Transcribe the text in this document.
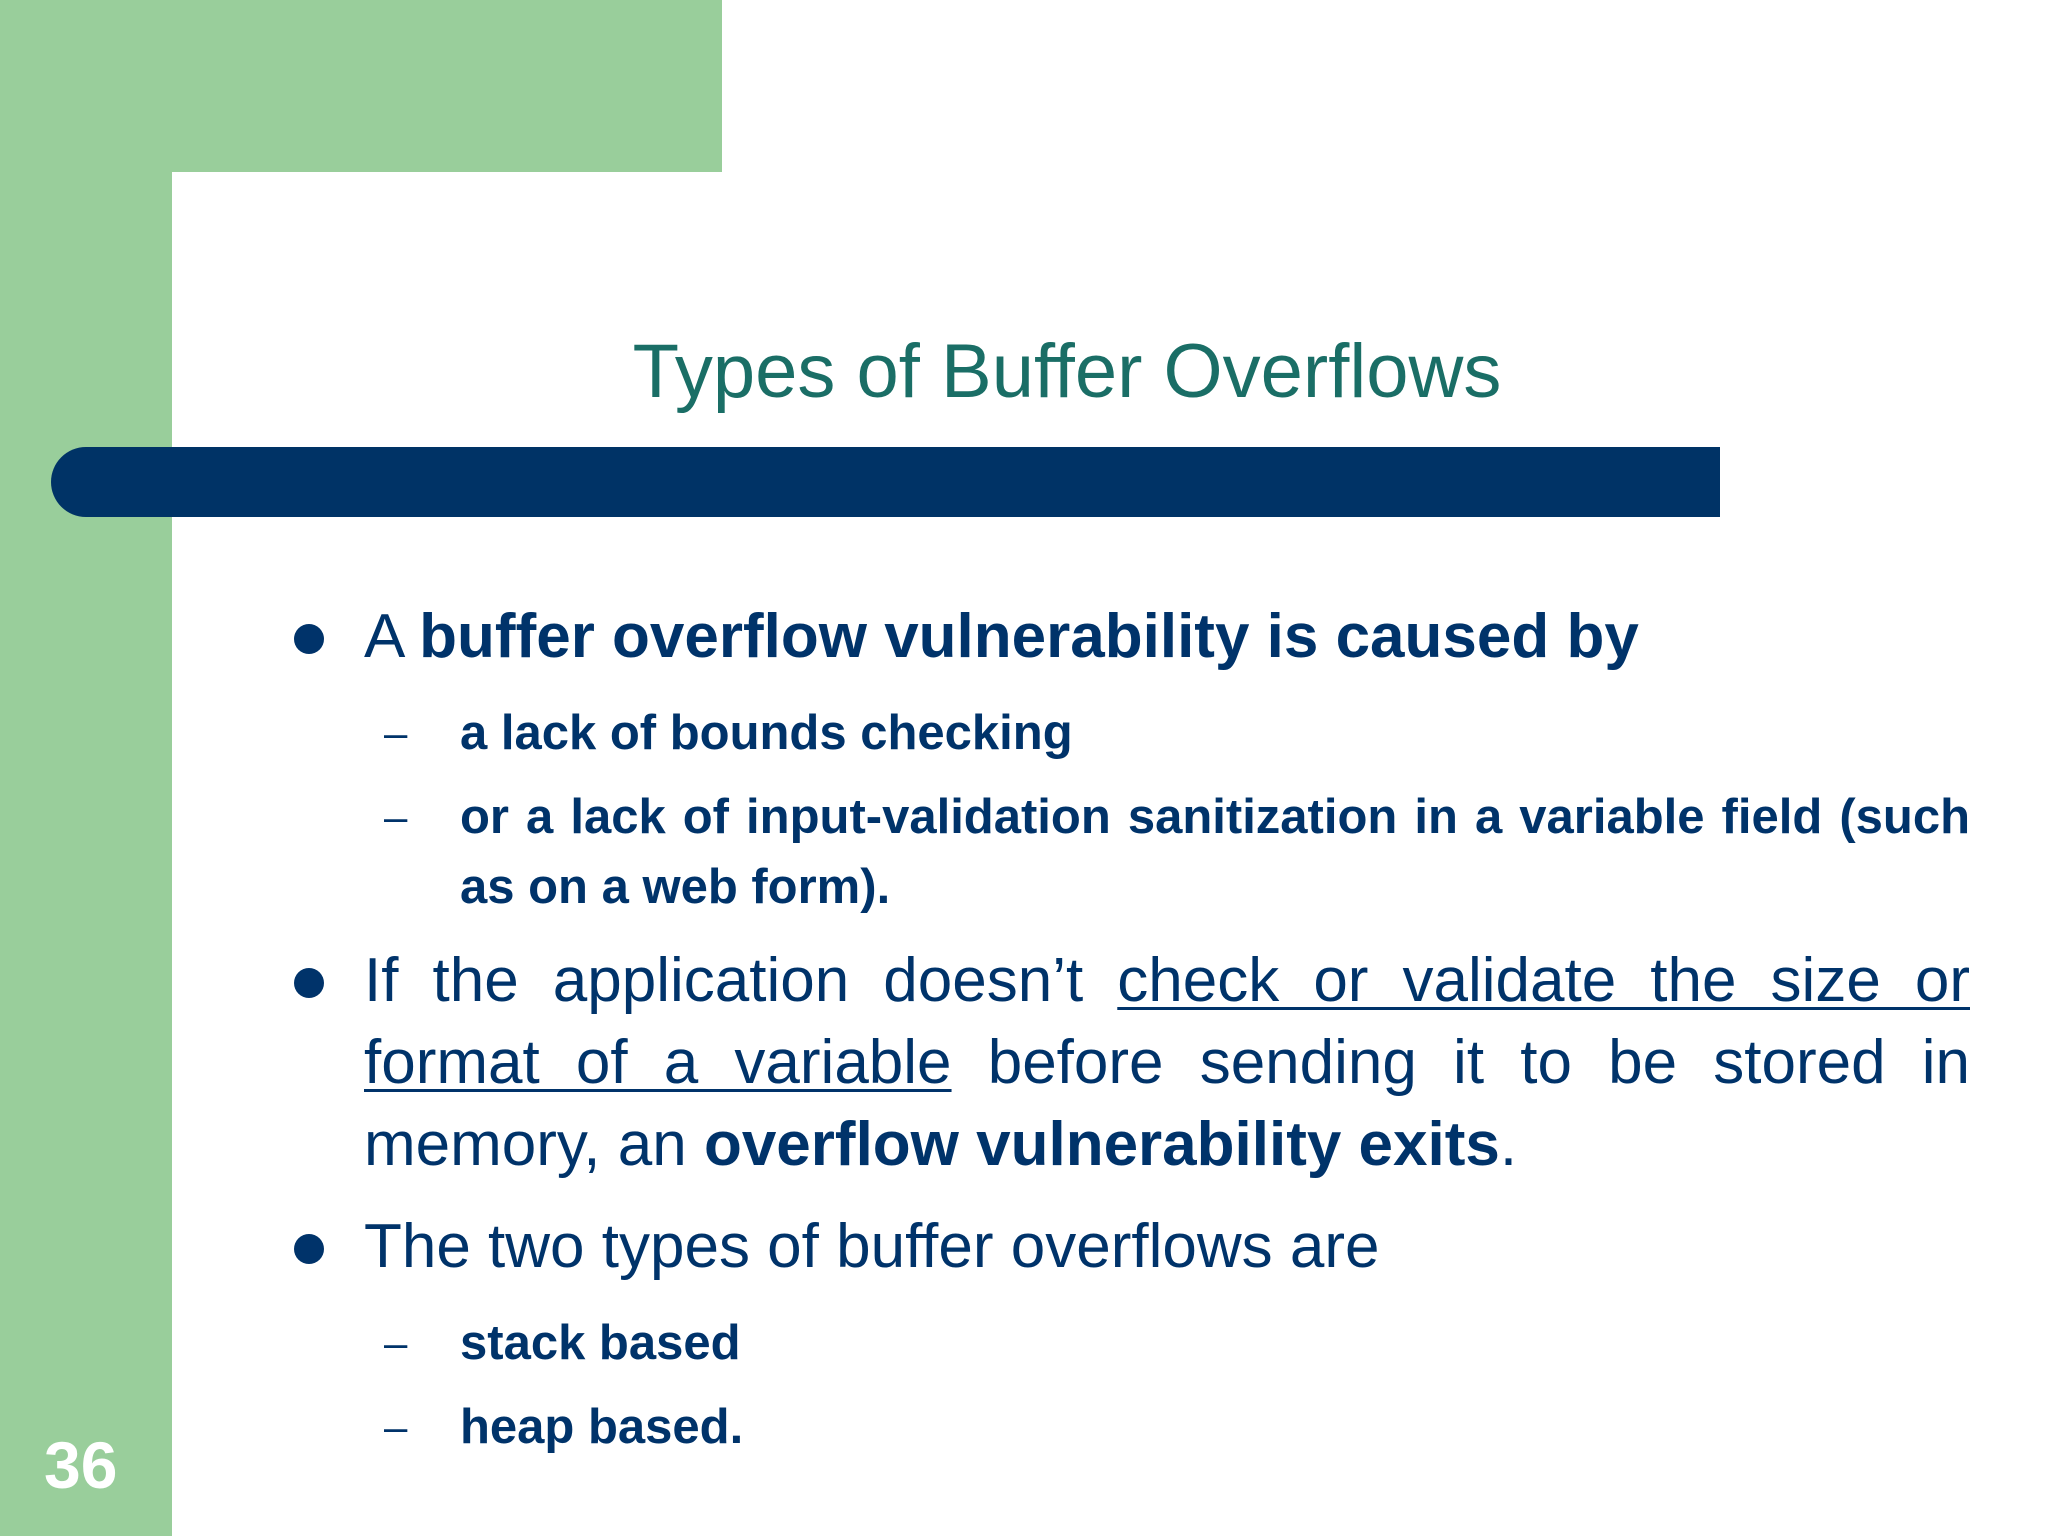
Types of Buffer Overflows
A buffer overflow vulnerability is caused by
– a lack of bounds checking
– or a lack of input-validation sanitization in a variable field (such as on a web form).
If the application doesn’t check or validate the size or format of a variable before sending it to be stored in memory, an overflow vulnerability exits.
The two types of buffer overflows are
– stack based
– heap based.
36
